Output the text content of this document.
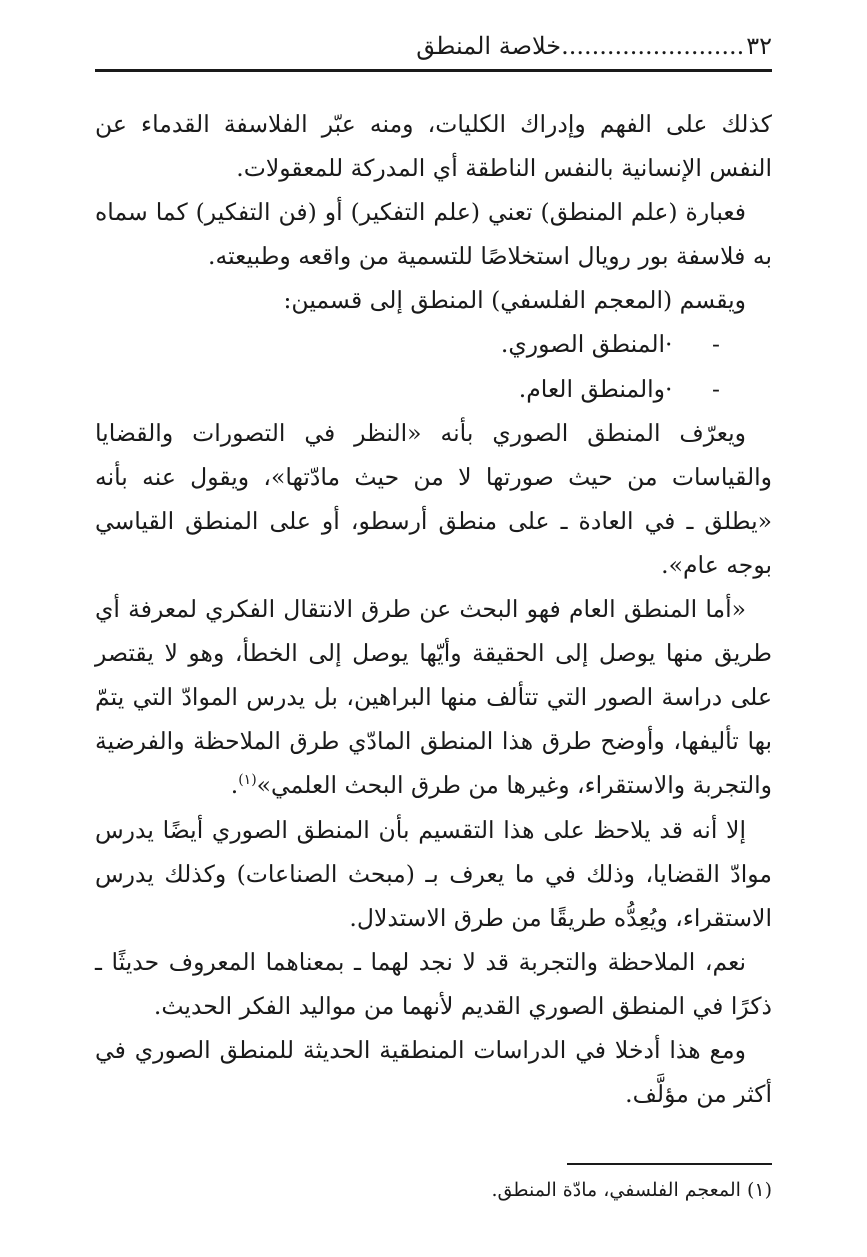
٣٢
........................
خلاصة المنطق

كذلك على الفهم وإدراك الكليات، ومنه عبّر الفلاسفة القدماء عن النفس الإنسانية بالنفس الناطقة أي المدركة للمعقولات.

فعبارة (علم المنطق) تعني (علم التفكير) أو (فن التفكير) كما سماه به فلاسفة بور رويال استخلاصًا للتسمية من واقعه وطبيعته.

ويقسم (المعجم الفلسفي) المنطق إلى قسمين:

- ·المنطق الصوري.
- ·والمنطق العام.

ويعرّف المنطق الصوري بأنه «النظر في التصورات والقضايا والقياسات من حيث صورتها لا من حيث مادّتها»، ويقول عنه بأنه «يطلق ـ في العادة ـ على منطق أرسطو، أو على المنطق القياسي بوجه عام».

«أما المنطق العام فهو البحث عن طرق الانتقال الفكري لمعرفة أي طريق منها يوصل إلى الحقيقة وأيّها يوصل إلى الخطأ، وهو لا يقتصر على دراسة الصور التي تتألف منها البراهين، بل يدرس الموادّ التي يتمّ بها تأليفها، وأوضح طرق هذا المنطق المادّي طرق الملاحظة والفرضية والتجربة والاستقراء، وغيرها من طرق البحث العلمي»$^{(١)}$.

إلا أنه قد يلاحظ على هذا التقسيم بأن المنطق الصوري أيضًا يدرس موادّ القضايا، وذلك في ما يعرف بـ (مبحث الصناعات) وكذلك يدرس الاستقراء، ويُعِدُّه طريقًا من طرق الاستدلال.

نعم، الملاحظة والتجربة قد لا نجد لهما ـ بمعناهما المعروف حديثًا ـ ذكرًا في المنطق الصوري القديم لأنهما من مواليد الفكر الحديث.

ومع هذا أدخلا في الدراسات المنطقية الحديثة للمنطق الصوري في أكثر من مؤلَّف.

(١) المعجم الفلسفي، مادّة المنطق.
